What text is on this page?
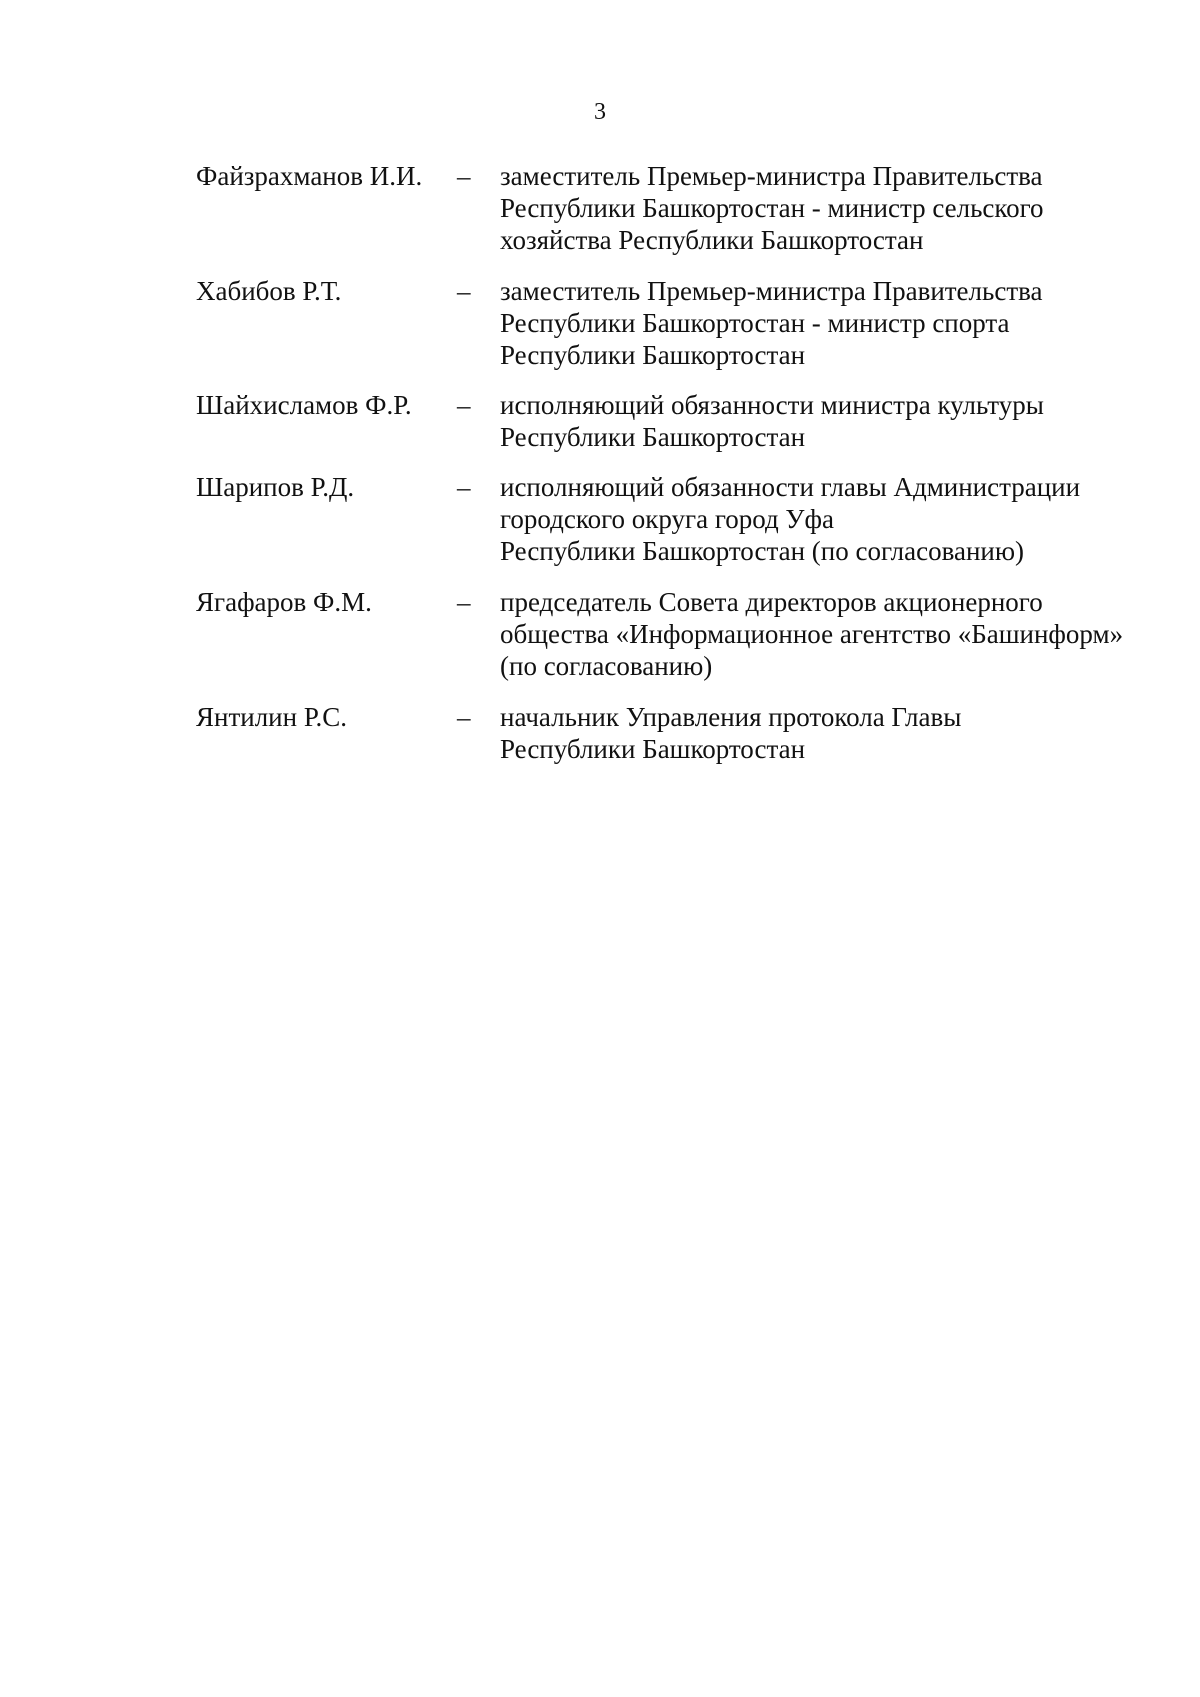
3
Файзрахманов И.И. – заместитель Премьер-министра Правительства
Республики Башкортостан - министр сельского
хозяйства Республики Башкортостан
Хабибов Р.Т.	– заместитель Премьер-министра Правительства
Республики Башкортостан - министр спорта
Республики Башкортостан
Шайхисламов Ф.Р. – исполняющий обязанности министра культуры
Республики Башкортостан
Шарипов Р.Д.	– исполняющий обязанности главы Администрации
городского округа город Уфа
Республики Башкортостан (по согласованию)
Ягафаров Ф.М.	– председатель Совета директоров акционерного
общества «Информационное агентство «Башинформ»
(по согласованию)
Янтилин Р.С.	– начальник Управления протокола Главы
Республики Башкортостан
